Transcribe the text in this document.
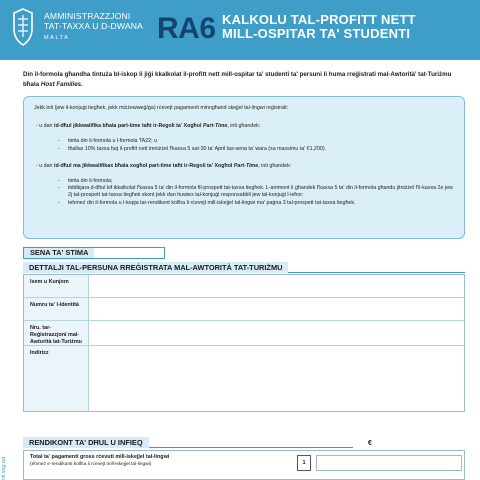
AMMINISTRAZZJONI
TAT-TAXXA U D-DWANA
MALTA	RA6 KALKOLU TAL-PROFITT NETT
MILL-OSPITAR TA' STUDENTI
Din il-formola għandha tintuża bl-iskop li jiġi kkalkolat il-profitt nett mill-ospitar ta' studenti ta' persuni li huma rreġistrati mal-Awtorità' tat-Turiżmu bħala Host Families.

Jekk inti (jew il-konjuġi tiegħek, jekk miżżewweġ/ġa) rċevejt pagamenti minngħand skejjel tal-lingwi reġistrati:

- u dan id-dħul jikkwalifika bħala part-time taħt ir-Regoli ta' Xogħol Part-Time, inti għandek:
- timla din il-formola u l-formola TA22; u
- tħallas 10% taxxa fuq il-profitt nett imniżżel f'kaxxa 5 sat-30 ta' April tas-sena ta' wara (sa massimu ta' €1,200).
- u dan id-dħul ma jikkwalifikax bħala xogħol part-time taħt ir-Regoli ta' Xogħol Part-Time, inti għandek:
- timla din il-formola;
- tiddikjara d-dħul kif ikkalkolat f'kaxxa 5 ta' din il-formola fil-prospett tat-taxxa tiegħek. L-ammont li għandek f'kaxxa 5 ta' din il-formola għandu jitniżżel f'il-kaxxa 2e jew 2j tal-prospett tat-taxxa tiegħek skont jekk dan huwiex tal-konjuġi responsabbli jew tal-konjuġi l-ieħor;
- tehmeż din il-formola u l-kopja tar-rendikont kollha li rċevejt mill-iskejjel tal-lingwi ma' paġna 3 tal-prospett tat-taxxa tiegħek.
SENA TA' STIMA
DETTALJI TAL-PERSUNA RREĠISTRATA MAL-AWTORITÀ TAT-TURIŻMU
Isem u Kunjom
Numru ta' l-Identità
Nru. tar-Reġistrazzjoni mal-Awtorità tat-Turiżmu
Indirizz
RENDIKONT TA' DĦUL U INFIEQ	€
Total ta' pagamenti gross rċevuti mill-iskejjel tal-lingwi
(ehmeż ir-rendikonti kollha li rċevejt mill-iskejjel tal-lingwi)	1
mt.vog.xat
